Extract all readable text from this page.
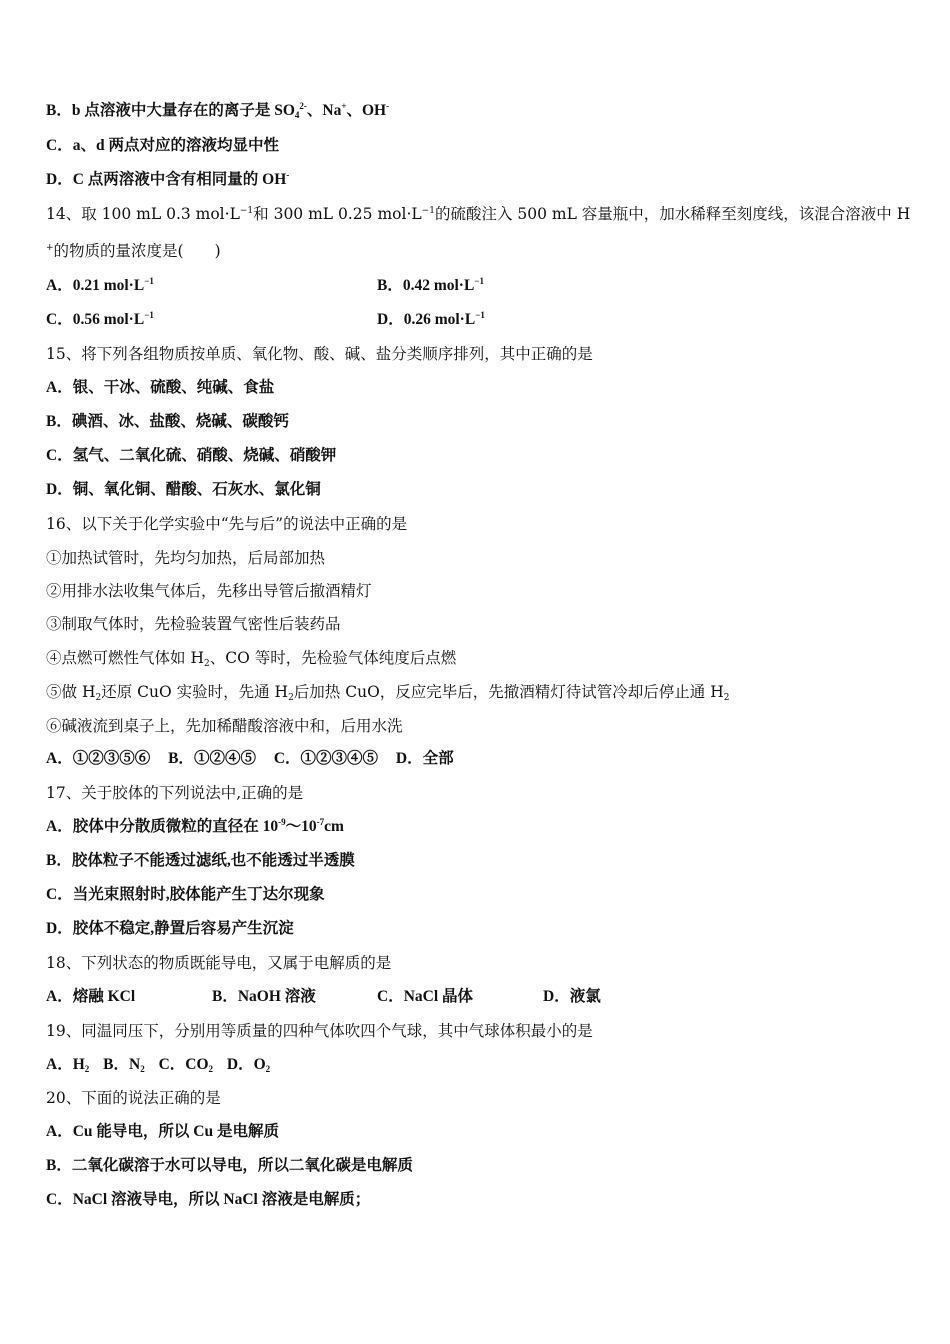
B．b 点溶液中大量存在的离子是 $SO_4^{2-}$、Na+、OH-
C．a、d 两点对应的溶液均显中性
D．C 点两溶液中含有相同量的 OH-
14、取 100 mL 0.3 $mol\cdot L^{-1}$和 300 mL 0.25 $mol\cdot L^{-1}$的硫酸注入 500 mL 容量瓶中，加水稀释至刻度线，该混合溶液中 H
+的物质的量浓度是(　　)
A．0.21 $mol\cdot L^{-1}$	B．0.42 $mol\cdot L^{-1}$
C．0.56 $mol\cdot L^{-1}$	D．0.26 $mol\cdot L^{-1}$
15、将下列各组物质按单质、氧化物、酸、碱、盐分类顺序排列，其中正确的是
A．银、干冰、硫酸、纯碱、食盐
B．碘酒、冰、盐酸、烧碱、碳酸钙
C．氢气、二氧化硫、硝酸、烧碱、硝酸钾
D．铜、氧化铜、醋酸、石灰水、氯化铜
16、以下关于化学实验中“先与后”的说法中正确的是
①加热试管时，先均匀加热，后局部加热
②用排水法收集气体后，先移出导管后撤酒精灯
③制取气体时，先检验装置气密性后装药品
④点燃可燃性气体如 $H_2$、CO 等时，先检验气体纯度后点燃
⑤做 $H_2$还原 CuO 实验时，先通 $H_2$后加热 CuO，反应完毕后，先撤酒精灯待试管冷却后停止通 $H_2$
⑥碱液流到桌子上，先加稀醋酸溶液中和，后用水洗
A．①②③⑤⑥ B．①②④⑤ C．①②③④⑤ D．全部
17、关于胶体的下列说法中,正确的是
A．胶体中分散质微粒的直径在 $10^{-9}\sim 10^{-7}cm$
B．胶体粒子不能透过滤纸,也不能透过半透膜
C．当光束照射时,胶体能产生丁达尔现象
D．胶体不稳定,静置后容易产生沉淀
18、下列状态的物质既能导电，又属于电解质的是
A．熔融 KCl	B．NaOH 溶液	C．NaCl 晶体	D．液氯
19、同温同压下，分别用等质量的四种气体吹四个气球，其中气球体积最小的是
A．$H_2$ B．$N_2$ C．$CO_2$ D．$O_2$
20、下面的说法正确的是
A．Cu 能导电，所以 Cu 是电解质
B．二氧化碳溶于水可以导电，所以二氧化碳是电解质
C．NaCl 溶液导电，所以 NaCl 溶液是电解质；
